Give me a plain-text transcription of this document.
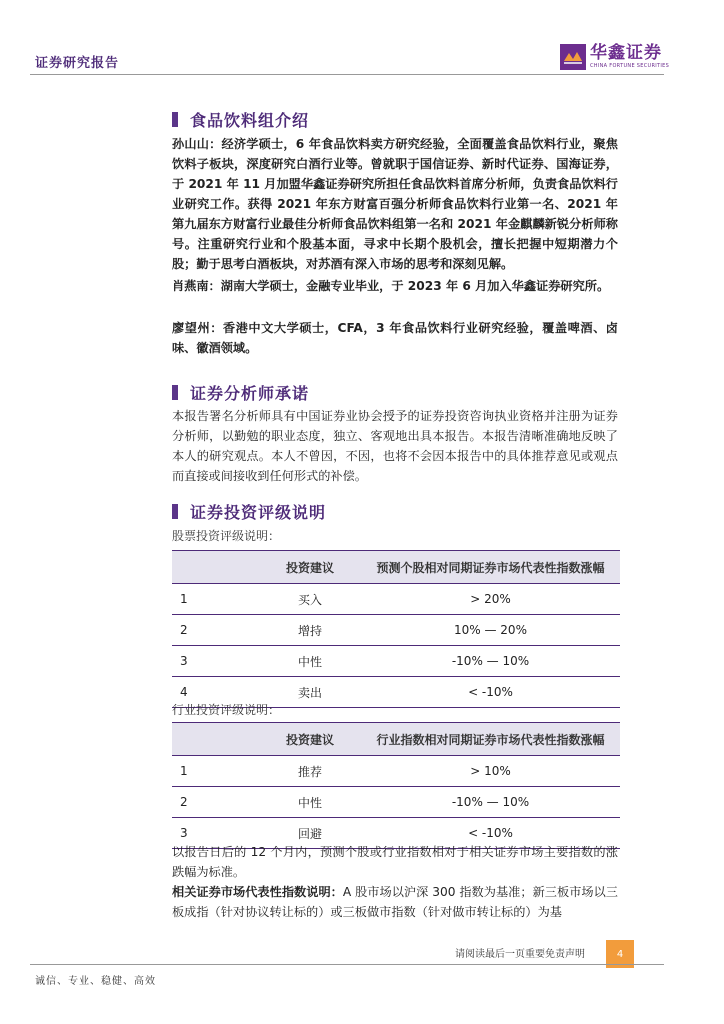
证券研究报告
华鑫证券
CHINA FORTUNE SECURITIES
食品饮料组介绍
孙山山：经济学硕士，6 年食品饮料卖方研究经验，全面覆盖食品饮料行业，聚焦饮料子板块，深度研究白酒行业等。曾就职于国信证券、新时代证券、国海证券，于 2021 年 11 月加盟华鑫证券研究所担任食品饮料首席分析师，负责食品饮料行业研究工作。获得 2021 年东方财富百强分析师食品饮料行业第一名、2021 年第九届东方财富行业最佳分析师食品饮料组第一名和 2021 年金麒麟新锐分析师称号。注重研究行业和个股基本面，寻求中长期个股机会，擅长把握中短期潜力个股；勤于思考白酒板块，对苏酒有深入市场的思考和深刻见解。
肖燕南：湖南大学硕士，金融专业毕业，于 2023 年 6 月加入华鑫证券研究所。
廖望州：香港中文大学硕士，CFA，3 年食品饮料行业研究经验，覆盖啤酒、卤味、徽酒领域。
证券分析师承诺
本报告署名分析师具有中国证券业协会授予的证券投资咨询执业资格并注册为证券分析师，以勤勉的职业态度，独立、客观地出具本报告。本报告清晰准确地反映了本人的研究观点。本人不曾因，不因，也将不会因本报告中的具体推荐意见或观点而直接或间接收到任何形式的补偿。
证券投资评级说明
股票投资评级说明：
	投资建议	预测个股相对同期证券市场代表性指数涨幅
1	买入	> 20%
2	增持	10% — 20%
3	中性	-10% — 10%
4	卖出	< -10%
行业投资评级说明：
	投资建议	行业指数相对同期证券市场代表性指数涨幅
1	推荐	> 10%
2	中性	-10% — 10%
3	回避	< -10%
以报告日后的 12 个月内，预测个股或行业指数相对于相关证券市场主要指数的涨跌幅为标准。
相关证券市场代表性指数说明：A 股市场以沪深 300 指数为基准；新三板市场以三板成指（针对协议转让标的）或三板做市指数（针对做市转让标的）为基
请阅读最后一页重要免责声明	4
诚信、专业、稳健、高效
